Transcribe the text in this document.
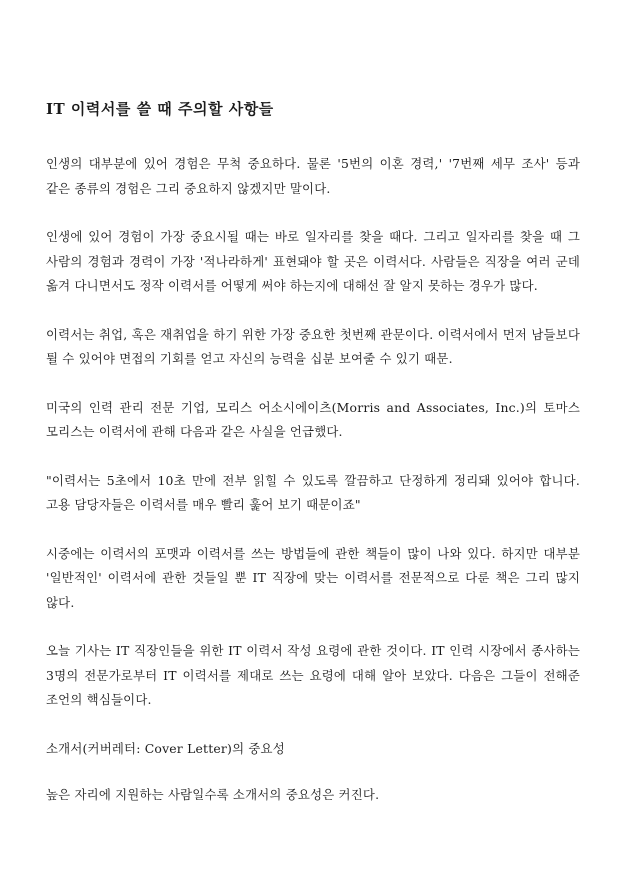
IT 이력서를 쓸 때 주의할 사항들

인생의 대부분에 있어 경험은 무척 중요하다. 물론 '5번의 이혼 경력,' '7번째 세무 조사' 등과 같은 종류의 경험은 그리 중요하지 않겠지만 말이다.

인생에 있어 경험이 가장 중요시될 때는 바로 일자리를 찾을 때다. 그리고 일자리를 찾을 때 그 사람의 경험과 경력이 가장 '적나라하게' 표현돼야 할 곳은 이력서다. 사람들은 직장을 여러 군데 옮겨 다니면서도 정작 이력서를 어떻게 써야 하는지에 대해선 잘 알지 못하는 경우가 많다.

이력서는 취업, 혹은 재취업을 하기 위한 가장 중요한 첫번째 관문이다. 이력서에서 먼저 남들보다 튈 수 있어야 면접의 기회를 얻고 자신의 능력을 십분 보여줄 수 있기 때문.

미국의 인력 관리 전문 기업, 모리스 어소시에이츠(Morris and Associates, Inc.)의 토마스 모리스는 이력서에 관해 다음과 같은 사실을 언급했다.

"이력서는 5초에서 10초 만에 전부 읽힐 수 있도록 깔끔하고 단정하게 정리돼 있어야 합니다. 고용 담당자들은 이력서를 매우 빨리 훑어 보기 때문이죠"

시중에는 이력서의 포맷과 이력서를 쓰는 방법들에 관한 책들이 많이 나와 있다. 하지만 대부분 '일반적인' 이력서에 관한 것들일 뿐 IT 직장에 맞는 이력서를 전문적으로 다룬 책은 그리 많지 않다.

오늘 기사는 IT 직장인들을 위한 IT 이력서 작성 요령에 관한 것이다. IT 인력 시장에서 종사하는 3명의 전문가로부터 IT 이력서를 제대로 쓰는 요령에 대해 알아 보았다. 다음은 그들이 전해준 조언의 핵심들이다.

소개서(커버레터: Cover Letter)의 중요성

높은 자리에 지원하는 사람일수록 소개서의 중요성은 커진다.
